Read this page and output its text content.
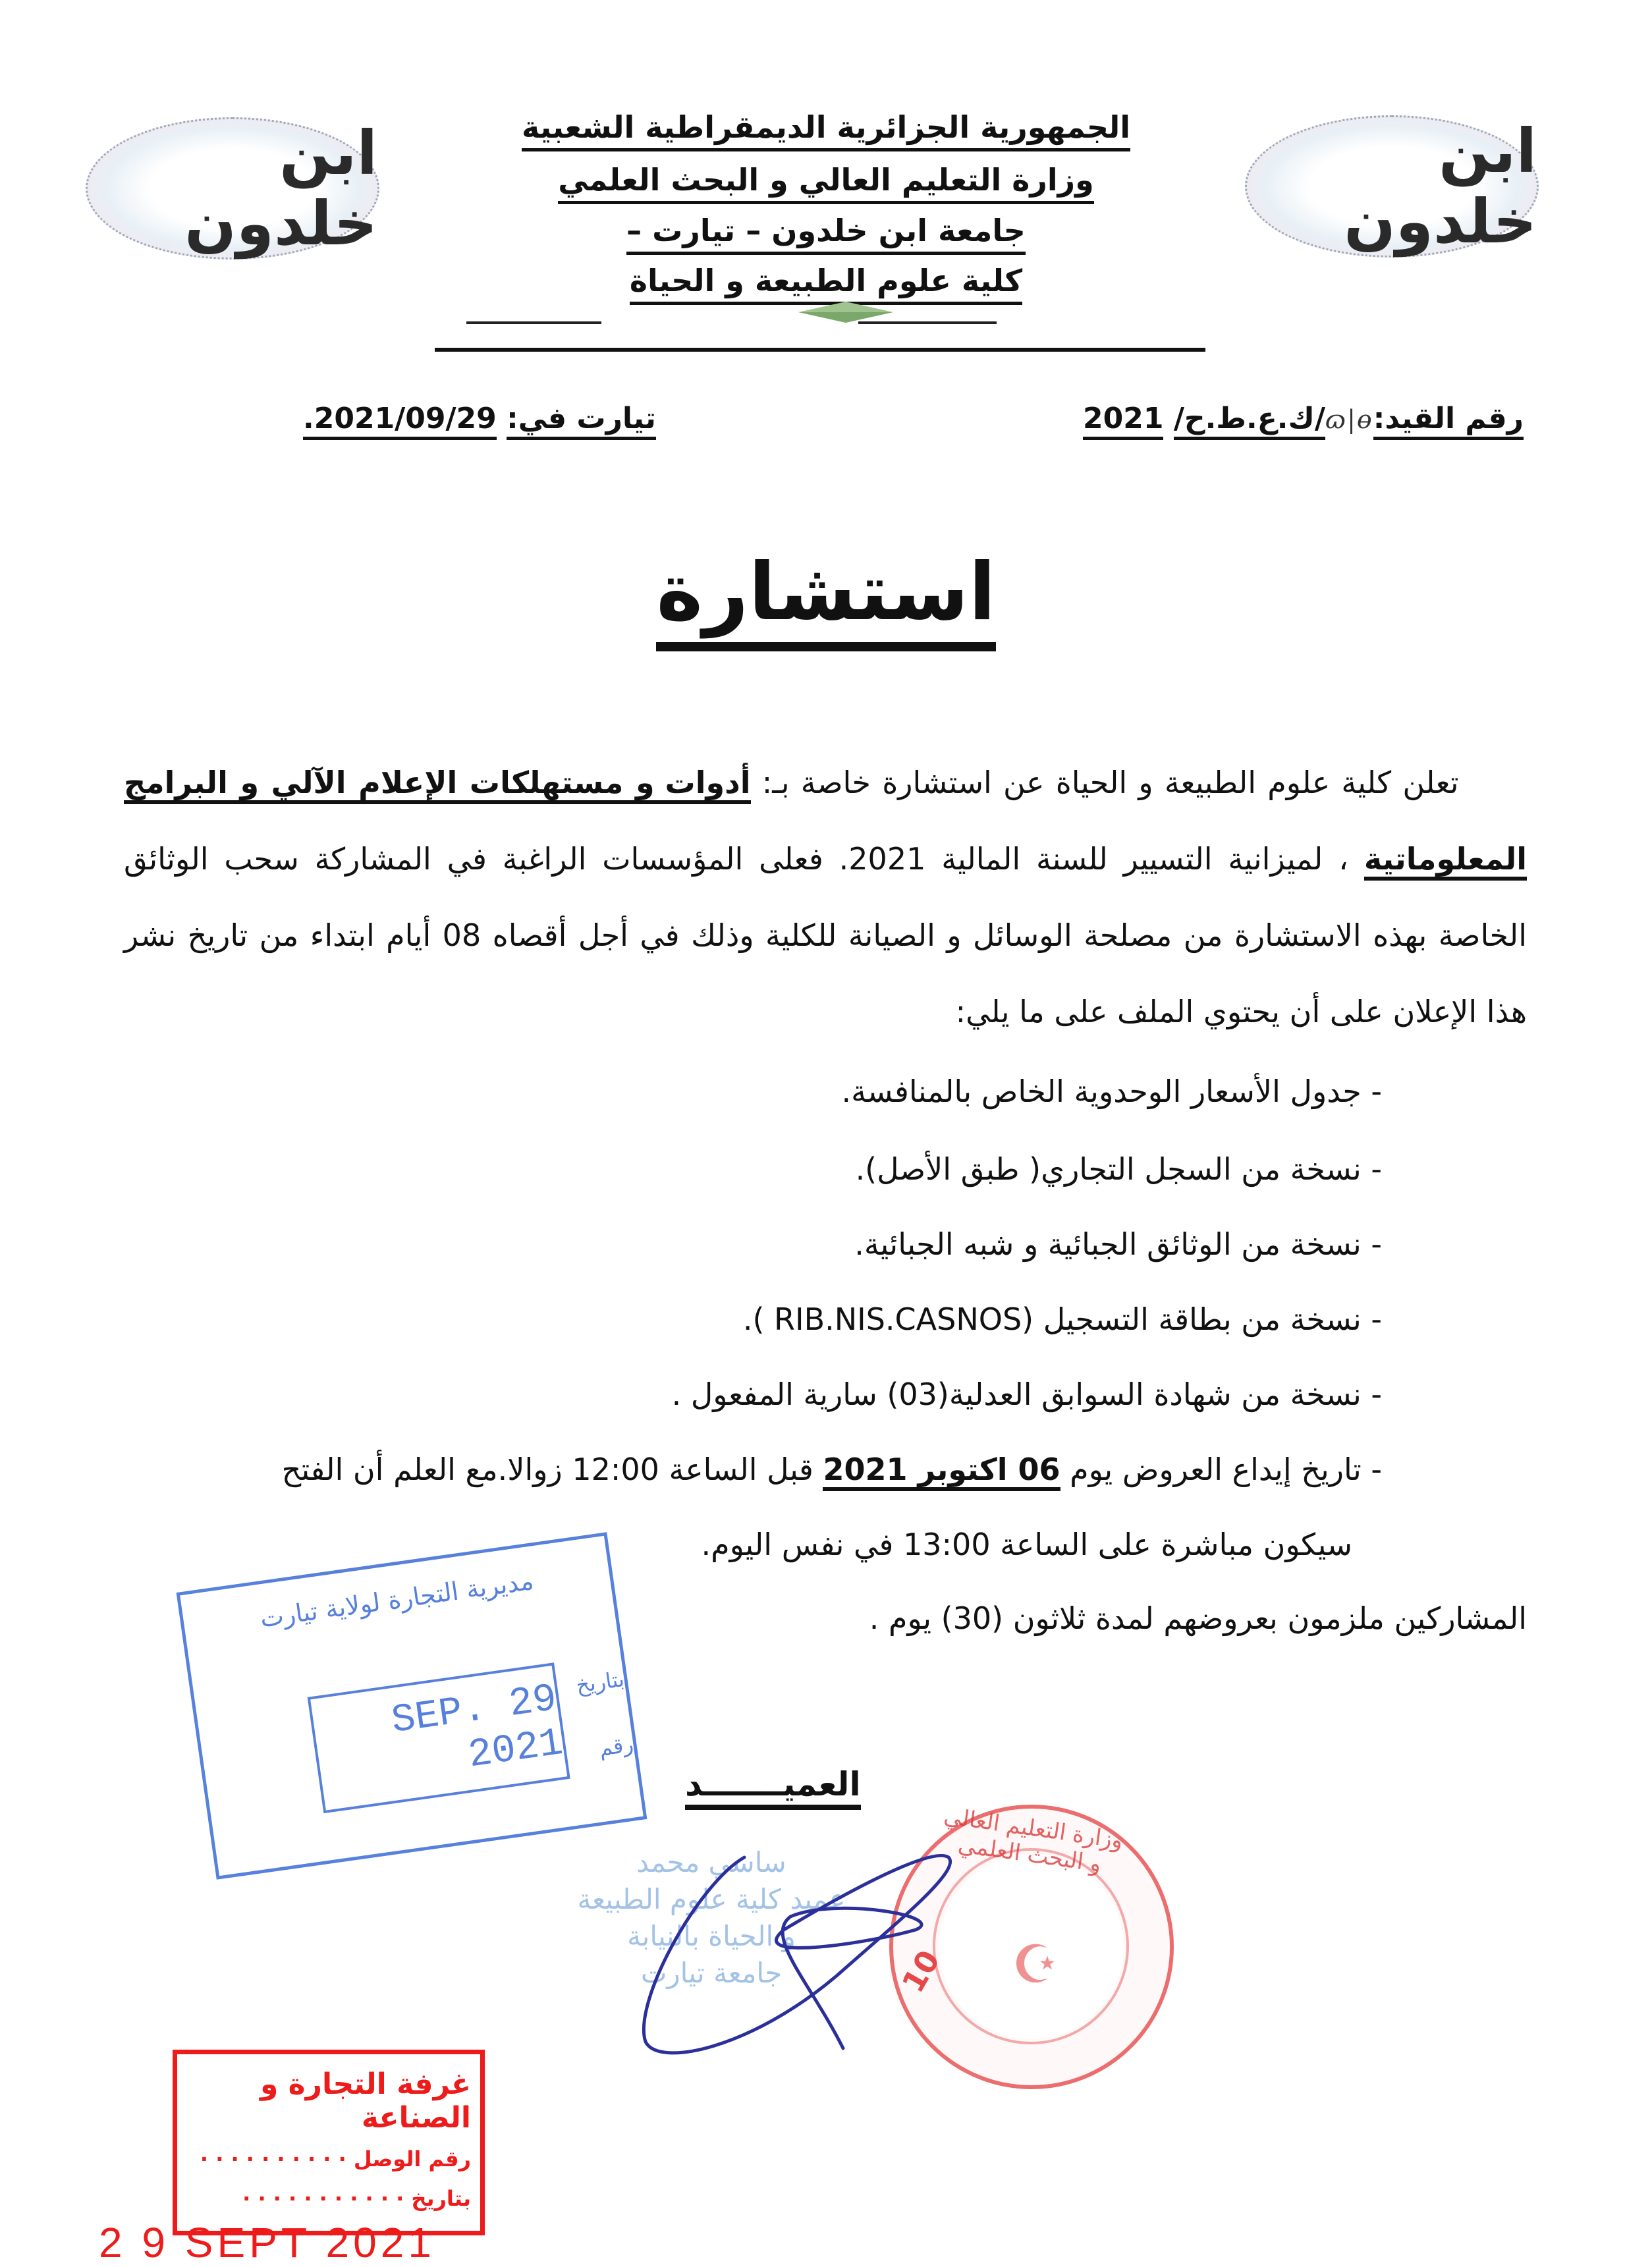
ابن خلدون
ابن خلدون
الجمهورية الجزائرية الديمقراطية الشعبية
وزارة التعليم العالي و البحث العلمي
جامعة ابن خلدون – تيارت –
كلية علوم الطبيعة و الحياة
رقم القيد:ɷ|ɵ/ك.ع.ط.ح/ 2021
تيارت في: 2021/09/29.
استشارة
تعلن كلية علوم الطبيعة و الحياة عن استشارة خاصة بـ: أدوات و مستهلكات الإعلام الآلي و البرامج المعلوماتية ، لميزانية التسيير للسنة المالية 2021. فعلى المؤسسات الراغبة في المشاركة سحب الوثائق الخاصة بهذه الاستشارة من مصلحة الوسائل و الصيانة للكلية وذلك في أجل أقصاه 08 أيام ابتداء من تاريخ نشر هذا الإعلان على أن يحتوي الملف على ما يلي:
- جدول الأسعار الوحدوية الخاص بالمنافسة.
- نسخة من السجل التجاري( طبق الأصل).
- نسخة من الوثائق الجبائية و شبه الجبائية.
- نسخة من بطاقة التسجيل (RIB.NIS.CASNOS ).
- نسخة من شهادة السوابق العدلية(03) سارية المفعول .
- تاريخ إيداع العروض يوم 06 اكتوبر 2021 قبل الساعة 12:00 زوالا.مع العلم أن الفتح
سيكون مباشرة على الساعة 13:00 في نفس اليوم.
المشاركين ملزمون بعروضهم لمدة ثلاثون (30) يوم .
مديرية التجارة لولاية تيارت
بتاريخ
رقم
29 SEP. 2021
العميـــــــد
ساسي محمد
عميد كلية علوم الطبيعة
و الحياة بالنيابة
جامعة تيارت
وزارة التعليم العالي و البحث العلمي
☪
10
غرفة التجارة و الصناعة
رقم الوصل · · · · · · · · · ·
بتاريخ · · · · · · · · · · ·
2 9 SEPT 2021
